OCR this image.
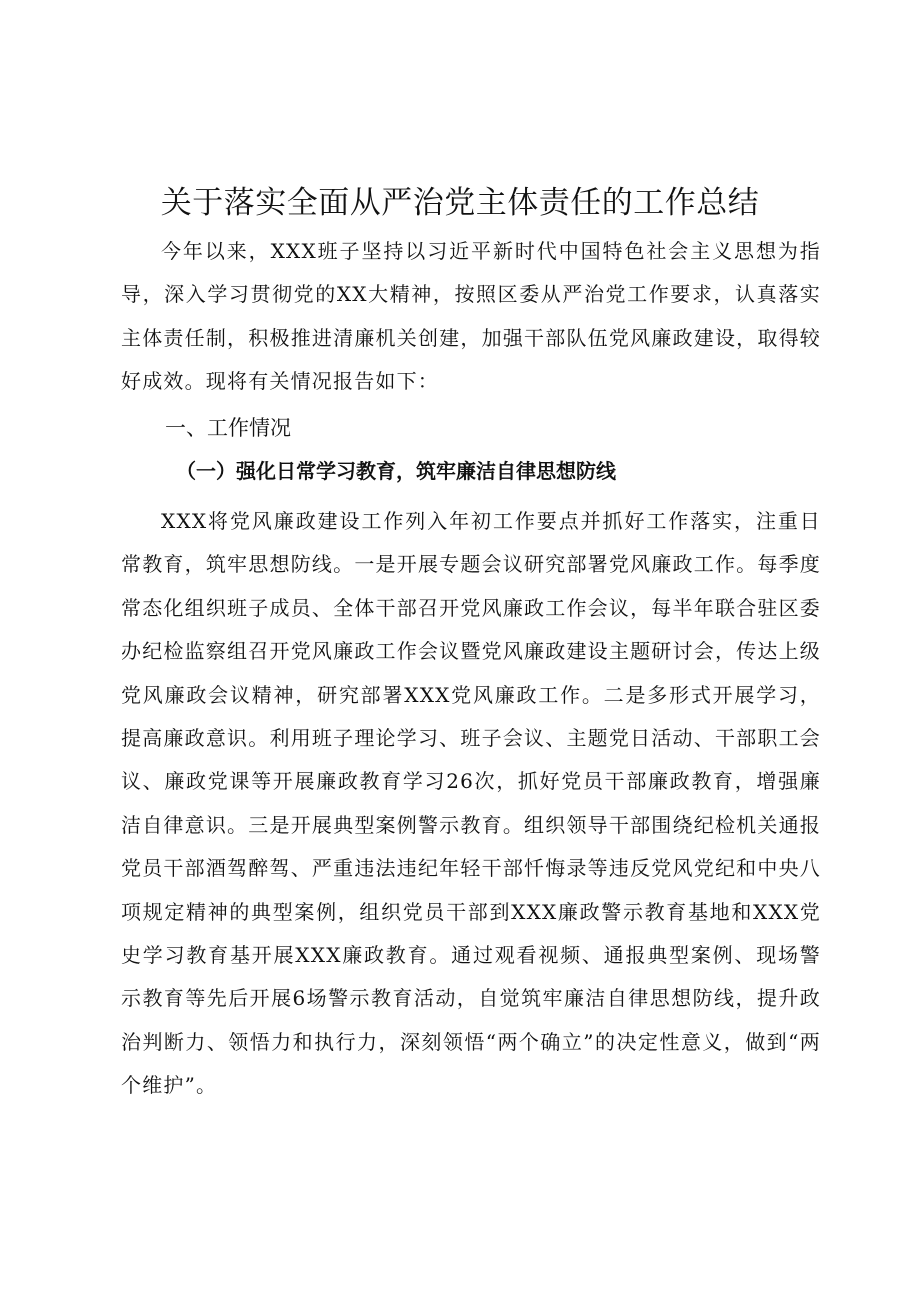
关于落实全面从严治党主体责任的工作总结

今年以来，XXX班子坚持以习近平新时代中国特色社会主义思想为指导，深入学习贯彻党的XX大精神，按照区委从严治党工作要求，认真落实主体责任制，积极推进清廉机关创建，加强干部队伍党风廉政建设，取得较好成效。现将有关情况报告如下：

一、工作情况
（一）强化日常学习教育，筑牢廉洁自律思想防线

XXX将党风廉政建设工作列入年初工作要点并抓好工作落实，注重日常教育，筑牢思想防线。一是开展专题会议研究部署党风廉政工作。每季度常态化组织班子成员、全体干部召开党风廉政工作会议，每半年联合驻区委办纪检监察组召开党风廉政工作会议暨党风廉政建设主题研讨会，传达上级党风廉政会议精神，研究部署XXX党风廉政工作。二是多形式开展学习，提高廉政意识。利用班子理论学习、班子会议、主题党日活动、干部职工会议、廉政党课等开展廉政教育学习26次，抓好党员干部廉政教育，增强廉洁自律意识。三是开展典型案例警示教育。组织领导干部围绕纪检机关通报党员干部酒驾醉驾、严重违法违纪年轻干部忏悔录等违反党风党纪和中央八项规定精神的典型案例，组织党员干部到XXX廉政警示教育基地和XXX党史学习教育基开展XXX廉政教育。通过观看视频、通报典型案例、现场警示教育等先后开展6场警示教育活动，自觉筑牢廉洁自律思想防线，提升政治判断力、领悟力和执行力，深刻领悟“两个确立”的决定性意义，做到“两个维护”。
